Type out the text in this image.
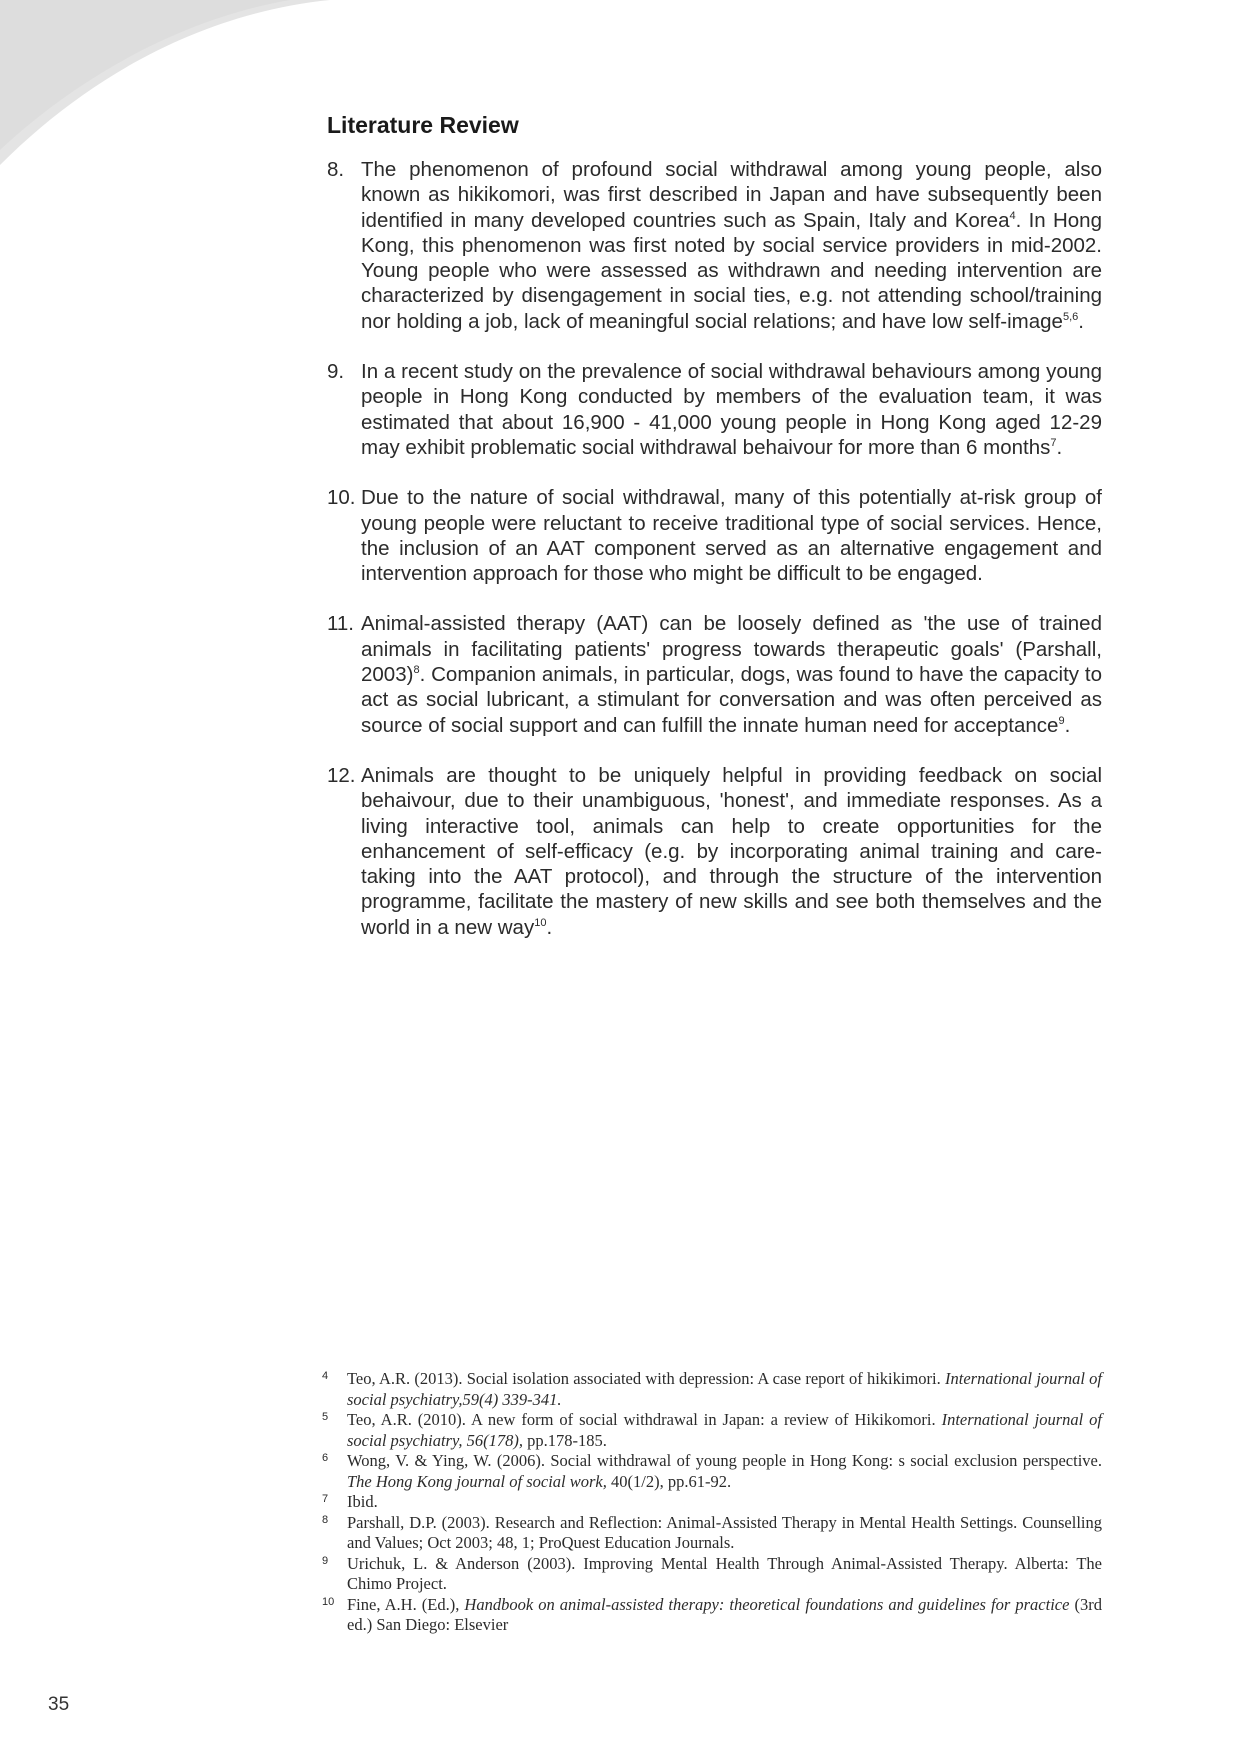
Literature Review
8. The phenomenon of profound social withdrawal among young people, also known as hikikomori, was first described in Japan and have subsequently been identified in many developed countries such as Spain, Italy and Korea$^4$. In Hong Kong, this phenomenon was first noted by social service providers in mid-2002. Young people who were assessed as withdrawn and needing intervention are characterized by disengagement in social ties, e.g. not attending school/training nor holding a job, lack of meaningful social relations; and have low self-image$^{5,6}$.

9. In a recent study on the prevalence of social withdrawal behaviours among young people in Hong Kong conducted by members of the evaluation team, it was estimated that about 16,900 - 41,000 young people in Hong Kong aged 12-29 may exhibit problematic social withdrawal behaivour for more than 6 months$^7$.

10. Due to the nature of social withdrawal, many of this potentially at-risk group of young people were reluctant to receive traditional type of social services. Hence, the inclusion of an AAT component served as an alternative engagement and intervention approach for those who might be difficult to be engaged.

11. Animal-assisted therapy (AAT) can be loosely defined as 'the use of trained animals in facilitating patients' progress towards therapeutic goals' (Parshall, 2003)$^8$. Companion animals, in particular, dogs, was found to have the capacity to act as social lubricant, a stimulant for conversation and was often perceived as source of social support and can fulfill the innate human need for acceptance$^9$.

12. Animals are thought to be uniquely helpful in providing feedback on social behaivour, due to their unambiguous, 'honest', and immediate responses. As a living interactive tool, animals can help to create opportunities for the enhancement of self-efficacy (e.g. by incorporating animal training and care-taking into the AAT protocol), and through the structure of the intervention programme, facilitate the mastery of new skills and see both themselves and the world in a new way$^{10}$.

4	Teo, A.R. (2013). Social isolation associated with depression: A case report of hikikimori. International journal of social psychiatry,59(4) 339-341.

5	Teo, A.R. (2010). A new form of social withdrawal in Japan: a review of Hikikomori. International journal of social psychiatry, 56(178), pp.178-185.

6	Wong, V. & Ying, W. (2006). Social withdrawal of young people in Hong Kong: s social exclusion perspective. The Hong Kong journal of social work, 40(1/2), pp.61-92.

7	Ibid.

8	Parshall, D.P. (2003). Research and Reflection: Animal-Assisted Therapy in Mental Health Settings. Counselling and Values; Oct 2003; 48, 1; ProQuest Education Journals.

9	Urichuk, L. & Anderson (2003). Improving Mental Health Through Animal-Assisted Therapy. Alberta: The Chimo Project.

10 Fine, A.H. (Ed.), Handbook on animal-assisted therapy: theoretical foundations and guidelines for practice (3rd ed.) San Diego: Elsevier

35
